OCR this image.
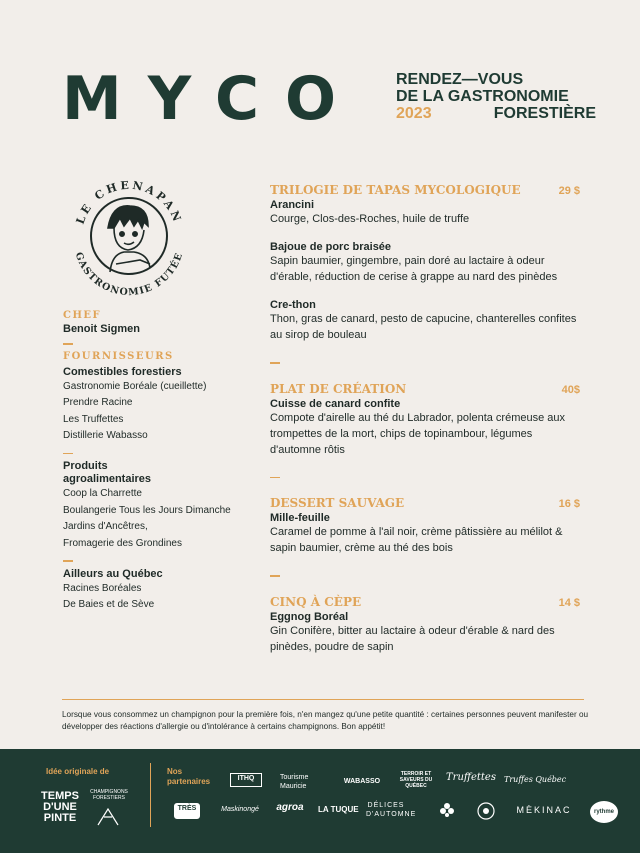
MYCO RENDEZ—VOUS
DE LA GASTRONOMIE
2023	FORESTIÈRE
LE CHENAPAN
GASTRONOMIE FUTÉE
CHEF
Benoit Sigmen
FOURNISSEURS
Comestibles forestiers
Gastronomie Boréale (cueillette)
Prendre Racine
Les Truffettes
Distillerie Wabasso
Produits agroalimentaires
Coop la Charrette
Boulangerie Tous les Jours Dimanche
Jardins d'Ancêtres,
Fromagerie des Grondines
Ailleurs au Québec
Racines Boréales
De Baies et de Sève
TRILOGIE DE TAPAS MYCOLOGIQUE	29 $
Arancini
Courge, Clos-des-Roches, huile de truffe
Bajoue de porc braisée
Sapin baumier, gingembre, pain doré au lactaire à odeur d'érable, réduction de cerise à grappe au nard des pinèdes
Cre-thon
Thon, gras de canard, pesto de capucine, chanterelles confites au sirop de bouleau
PLAT DE CRÉATION	40$
Cuisse de canard confite
Compote d'airelle au thé du Labrador, polenta crémeuse aux trompettes de la mort, chips de topinambour, légumes d'automne rôtis
DESSERT SAUVAGE	16 $
Mille-feuille
Caramel de pomme à l'ail noir, crème pâtissière au mélilot & sapin baumier, crème au thé des bois
CINQ À CÈPE	14 $
Eggnog Boréal
Gin Conifère, bitter au lactaire à odeur d'érable & nard des pinèdes, poudre de sapin
Lorsque vous consommez un champignon pour la première fois, n'en mangez qu'une petite quantité : certaines personnes peuvent manifester ou développer des réactions d'allergie ou d'intolérance à certains champignons. Bon appétit!
Idée originale de	Nos partenaires
TEMPS D'UNE PINTE
CHAMPIGNONS FORESTIERS
ITHQ	Tourisme Mauricie
WABASSO
TERROIR ET SAVEURS DU QUÉBEC
Truffettes Truffes Québec
TRÈS	Maskinongé	agroa	LA TUQUE DÉLICES D'AUTOMNE	MÈKINAC	rythme
